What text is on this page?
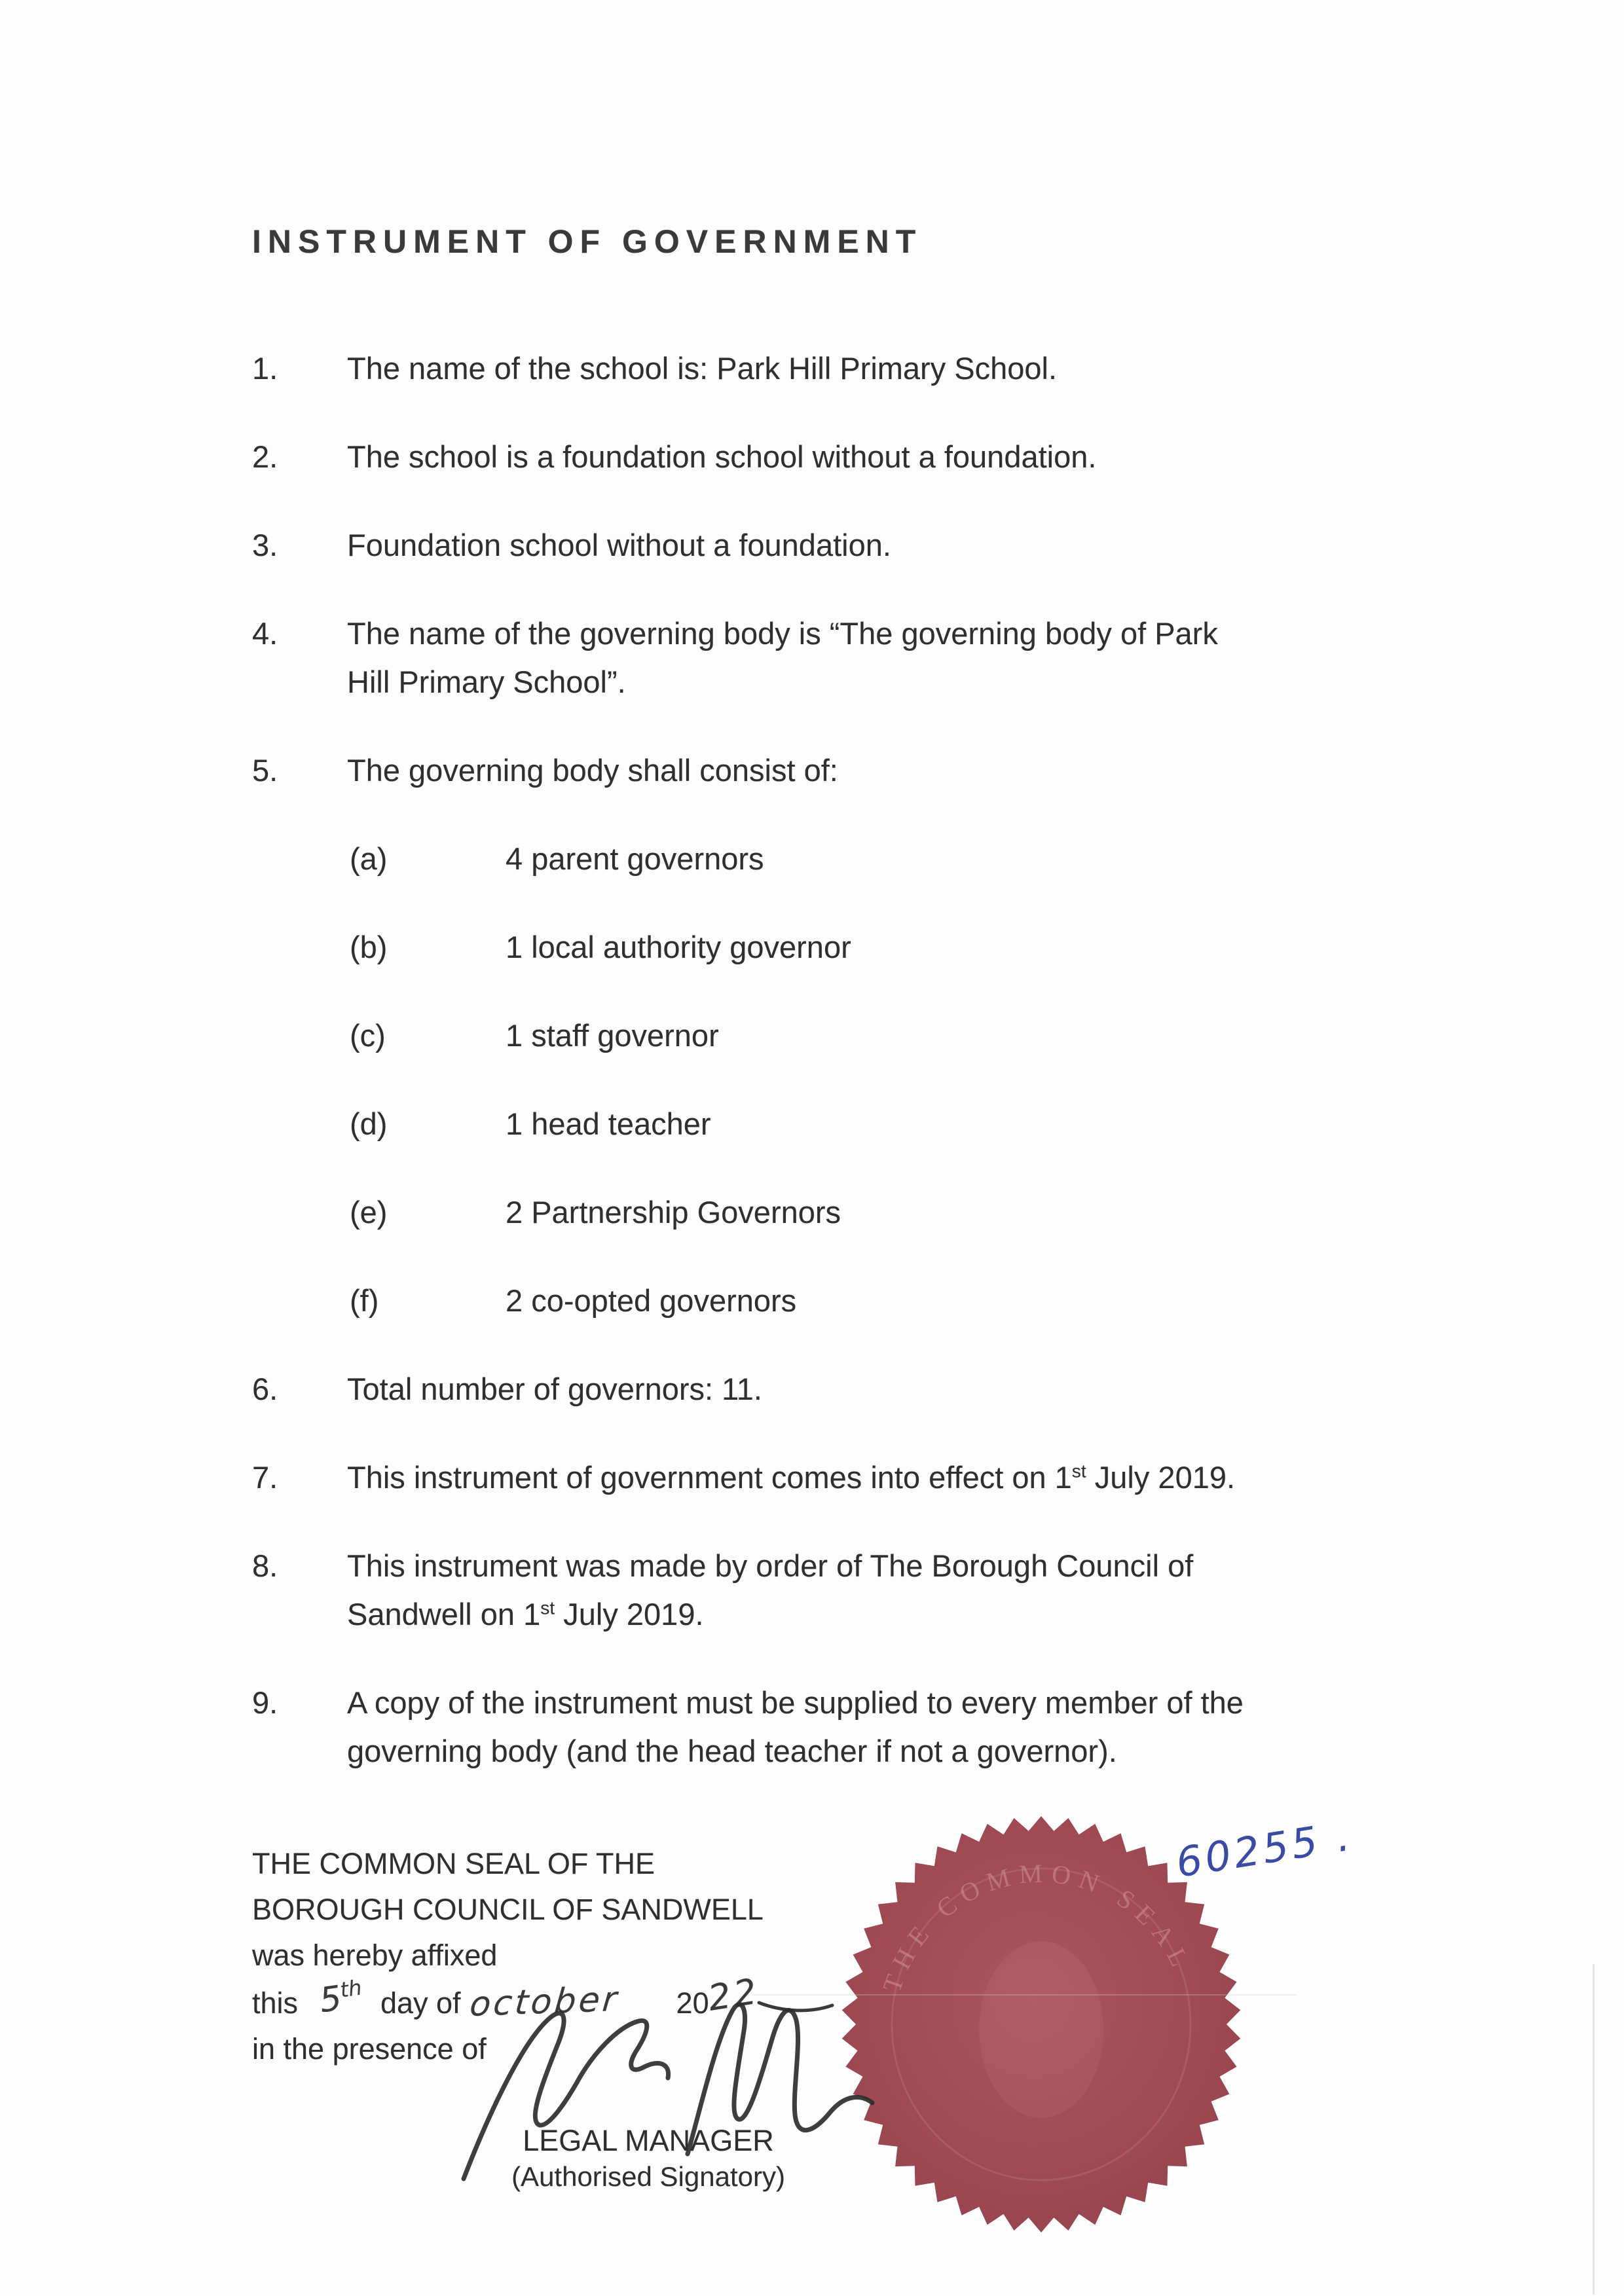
INSTRUMENT OF GOVERNMENT
1.	The name of the school is: Park Hill Primary School.
2.	The school is a foundation school without a foundation.
3.	Foundation school without a foundation.
4.	The name of the governing body is “The governing body of Park
Hill Primary School”.
5.	The governing body shall consist of:
(a)	4 parent governors
(b)	1 local authority governor
(c)	1 staff governor
(d)	1 head teacher
(e)	2 Partnership Governors
(f)	2 co-opted governors
6.	Total number of governors: 11.
7.	This instrument of government comes into effect on 1st July 2019.
8.	This instrument was made by order of The Borough Council of
Sandwell on 1st July 2019.
9.	A copy of the instrument must be supplied to every member of the
governing body (and the head teacher if not a governor).
THE COMMON SEAL
THE COMMON SEAL OF THE
BOROUGH COUNCIL OF SANDWELL
was hereby affixed
this 5th day of october 20
22
in the presence of
LEGAL MANAGER
(Authorised Signatory)
60255 .
